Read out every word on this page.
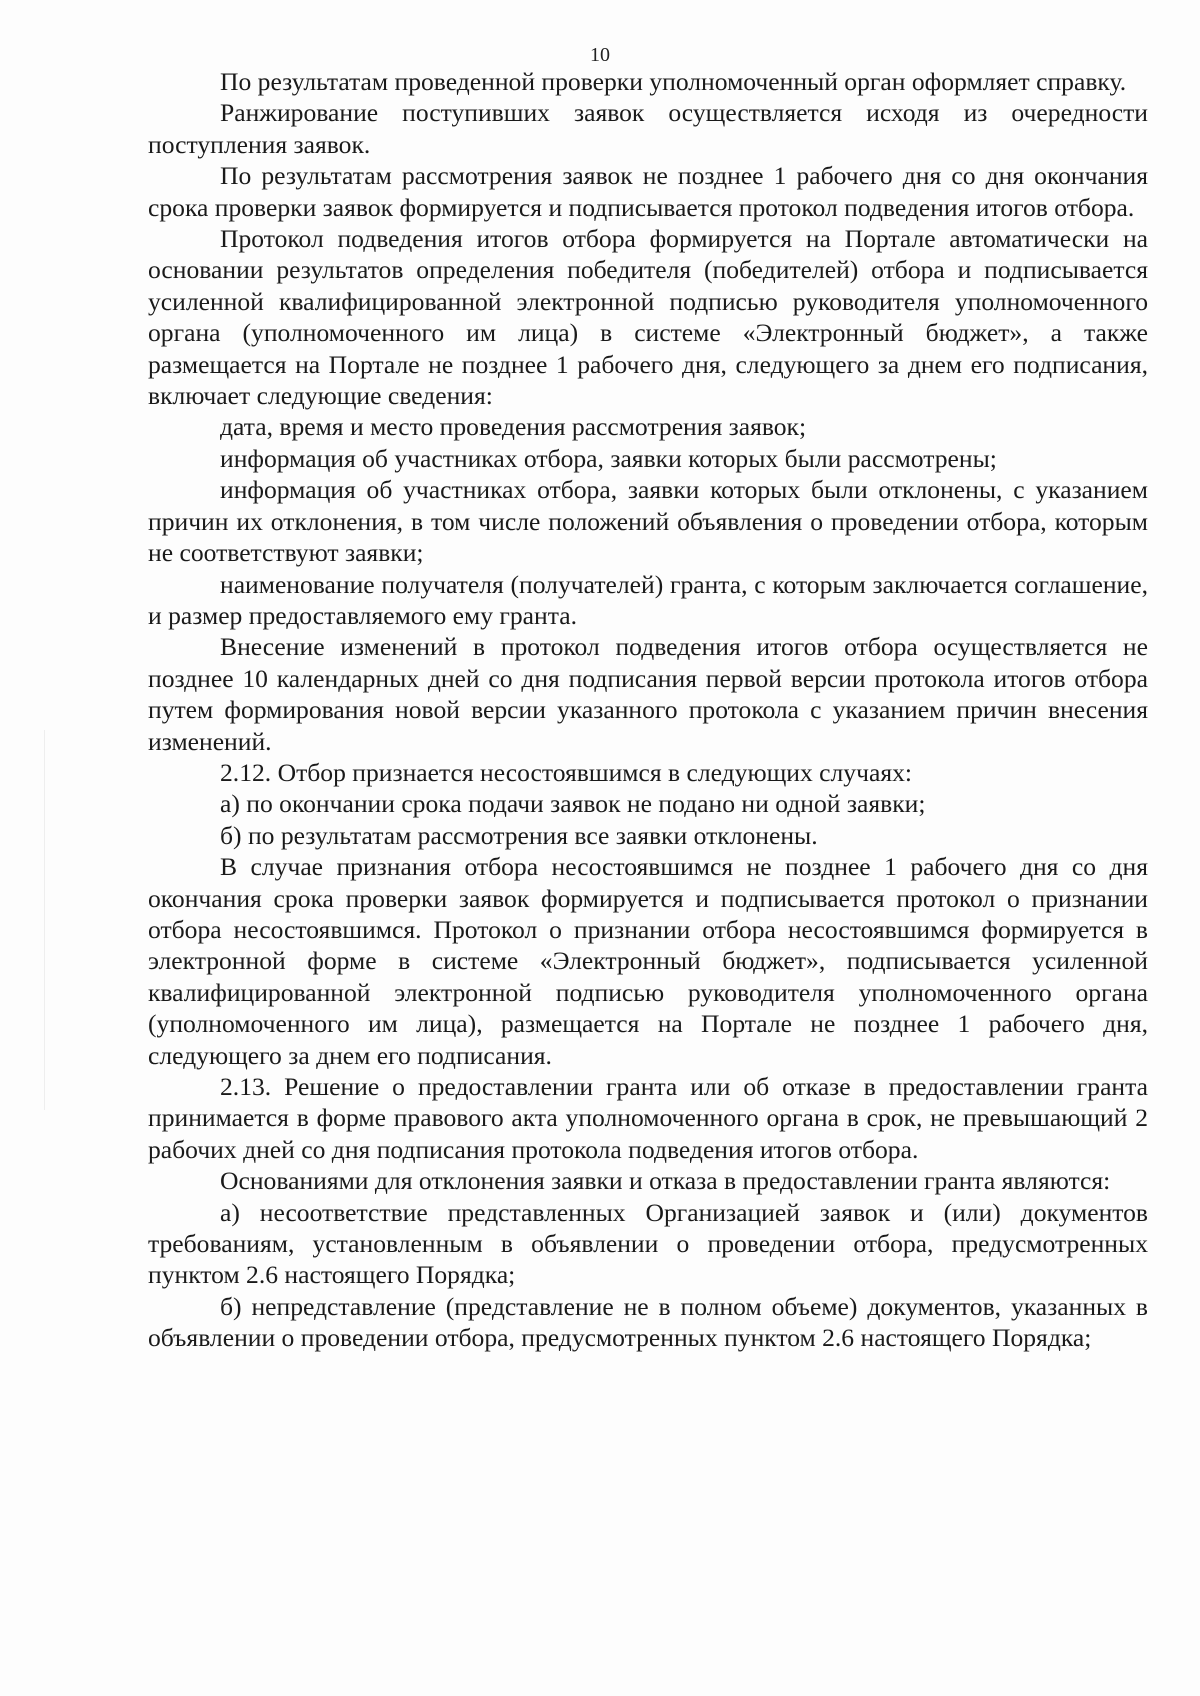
10

По результатам проведенной проверки уполномоченный орган оформляет справку.

Ранжирование поступивших заявок осуществляется исходя из очередности поступления заявок.

По результатам рассмотрения заявок не позднее 1 рабочего дня со дня окончания срока проверки заявок формируется и подписывается протокол подведения итогов отбора.

Протокол подведения итогов отбора формируется на Портале автоматически на основании результатов определения победителя (победителей) отбора и подписывается усиленной квалифицированной электронной подписью руководителя уполномоченного органа (уполномоченного им лица) в системе «Электронный бюджет», а также размещается на Портале не позднее 1 рабочего дня, следующего за днем его подписания, включает следующие сведения:

дата, время и место проведения рассмотрения заявок;

информация об участниках отбора, заявки которых были рассмотрены;

информация об участниках отбора, заявки которых были отклонены, с указанием причин их отклонения, в том числе положений объявления о проведении отбора, которым не соответствуют заявки;

наименование получателя (получателей) гранта, с которым заключается соглашение, и размер предоставляемого ему гранта.

Внесение изменений в протокол подведения итогов отбора осуществляется не позднее 10 календарных дней со дня подписания первой версии протокола итогов отбора путем формирования новой версии указанного протокола с указанием причин внесения изменений.

2.12. Отбор признается несостоявшимся в следующих случаях:

а) по окончании срока подачи заявок не подано ни одной заявки;

б) по результатам рассмотрения все заявки отклонены.

В случае признания отбора несостоявшимся не позднее 1 рабочего дня со дня окончания срока проверки заявок формируется и подписывается протокол о признании отбора несостоявшимся. Протокол о признании отбора несостоявшимся формируется в электронной форме в системе «Электронный бюджет», подписывается усиленной квалифицированной электронной подписью руководителя уполномоченного органа (уполномоченного им лица), размещается на Портале не позднее 1 рабочего дня, следующего за днем его подписания.

2.13. Решение о предоставлении гранта или об отказе в предоставлении гранта принимается в форме правового акта уполномоченного органа в срок, не превышающий 2 рабочих дней со дня подписания протокола подведения итогов отбора.

Основаниями для отклонения заявки и отказа в предоставлении гранта являются:

а) несоответствие представленных Организацией заявок и (или) документов требованиям, установленным в объявлении о проведении отбора, предусмотренных пунктом 2.6 настоящего Порядка;

б) непредставление (представление не в полном объеме) документов, указанных в объявлении о проведении отбора, предусмотренных пунктом 2.6 настоящего Порядка;
